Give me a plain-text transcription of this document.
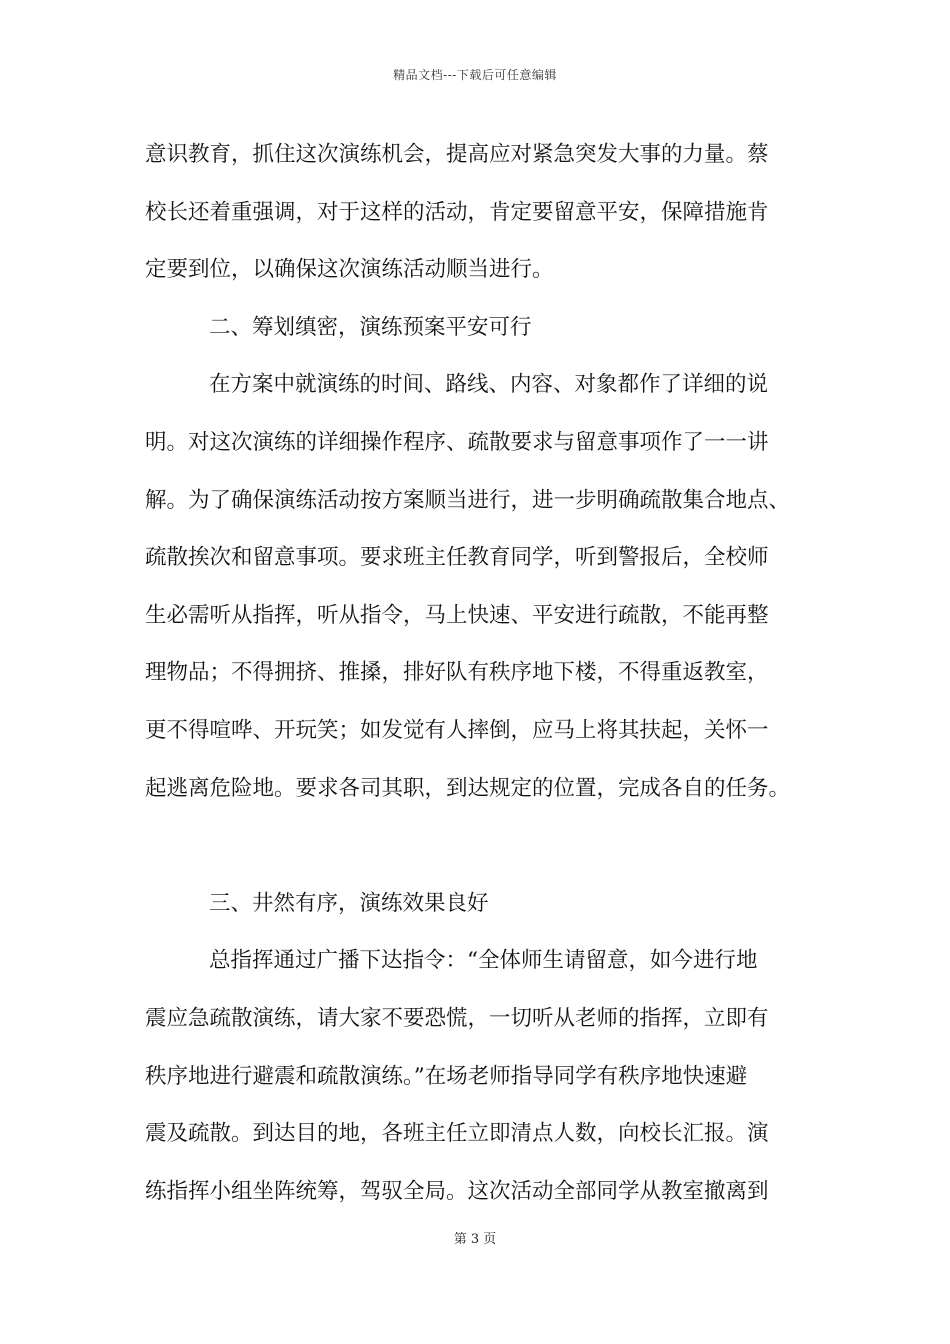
精品文档---下载后可任意编辑
意识教育，抓住这次演练机会，提高应对紧急突发大事的力量。蔡
校长还着重强调，对于这样的活动，肯定要留意平安，保障措施肯
定要到位，以确保这次演练活动顺当进行。
二、筹划缜密，演练预案平安可行
在方案中就演练的时间、路线、内容、对象都作了详细的说
明。对这次演练的详细操作程序、疏散要求与留意事项作了一一讲
解。为了确保演练活动按方案顺当进行，进一步明确疏散集合地点、
疏散挨次和留意事项。要求班主任教育同学，听到警报后，全校师
生必需听从指挥，听从指令，马上快速、平安进行疏散，不能再整
理物品；不得拥挤、推搡，排好队有秩序地下楼，不得重返教室，
更不得喧哗、开玩笑；如发觉有人摔倒，应马上将其扶起，关怀一
起逃离危险地。要求各司其职，到达规定的位置，完成各自的任务。
三、井然有序，演练效果良好
总指挥通过广播下达指令：“全体师生请留意，如今进行地
震应急疏散演练，请大家不要恐慌，一切听从老师的指挥，立即有
秩序地进行避震和疏散演练。”在场老师指导同学有秩序地快速避
震及疏散。到达目的地，各班主任立即清点人数，向校长汇报。演
练指挥小组坐阵统筹，驾驭全局。这次活动全部同学从教室撤离到
第 3 页
